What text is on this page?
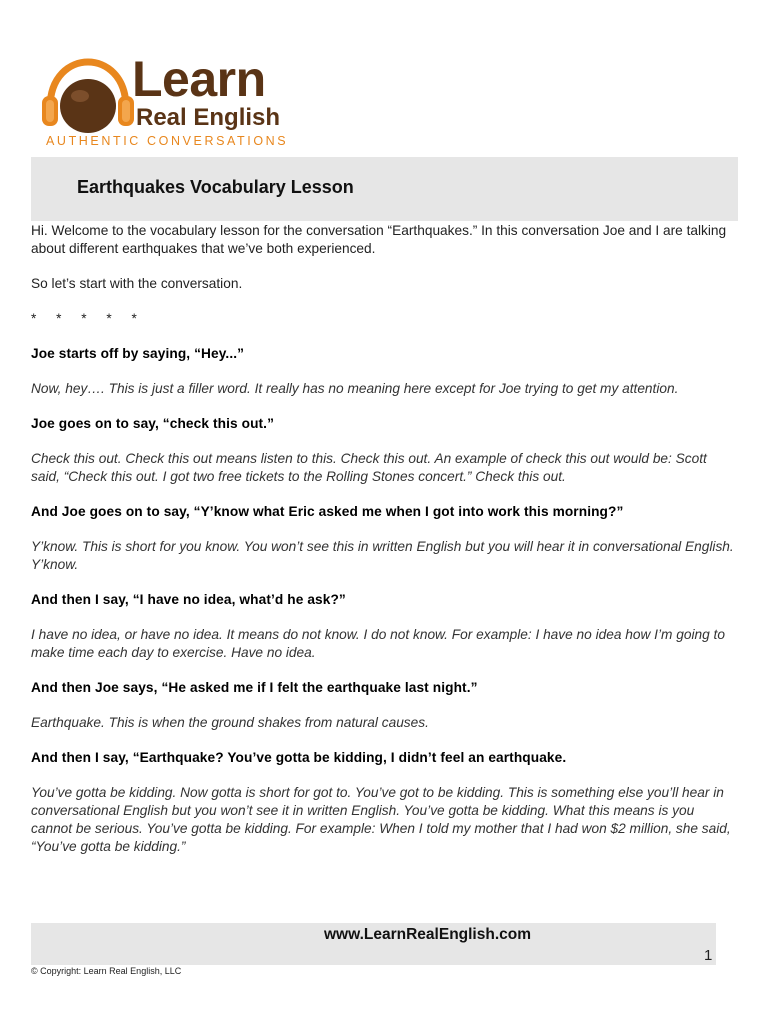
Learn
Real English
AUTHENTIC CONVERSATIONS
Earthquakes Vocabulary Lesson

Hi. Welcome to the vocabulary lesson for the conversation “Earthquakes.” In this conversation Joe and I are talking about different earthquakes that we’ve both experienced.

So let’s start with the conversation.

* * * * *

Joe starts off by saying, “Hey...”

Now, hey…. This is just a filler word. It really has no meaning here except for Joe trying to get my attention.

Joe goes on to say, “check this out.”

Check this out. Check this out means listen to this. Check this out. An example of check this out would be: Scott said, “Check this out. I got two free tickets to the Rolling Stones concert.” Check this out.

And Joe goes on to say, “Y’know what Eric asked me when I got into work this morning?”

Y’know. This is short for you know. You won’t see this in written English but you will hear it in conversational English. Y’know.

And then I say, “I have no idea, what’d he ask?”

I have no idea, or have no idea. It means do not know. I do not know. For example: I have no idea how I’m going to make time each day to exercise. Have no idea.

And then Joe says, “He asked me if I felt the earthquake last night.”

Earthquake. This is when the ground shakes from natural causes.

And then I say, “Earthquake? You’ve gotta be kidding, I didn’t feel an earthquake.

You’ve gotta be kidding. Now gotta is short for got to. You’ve got to be kidding. This is something else you’ll hear in conversational English but you won’t see it in written English. You’ve gotta be kidding. What this means is you cannot be serious. You’ve gotta be kidding. For example: When I told my mother that I had won $2 million, she said, “You’ve gotta be kidding.”

www.LearnRealEnglish.com
1
© Copyright: Learn Real English, LLC
